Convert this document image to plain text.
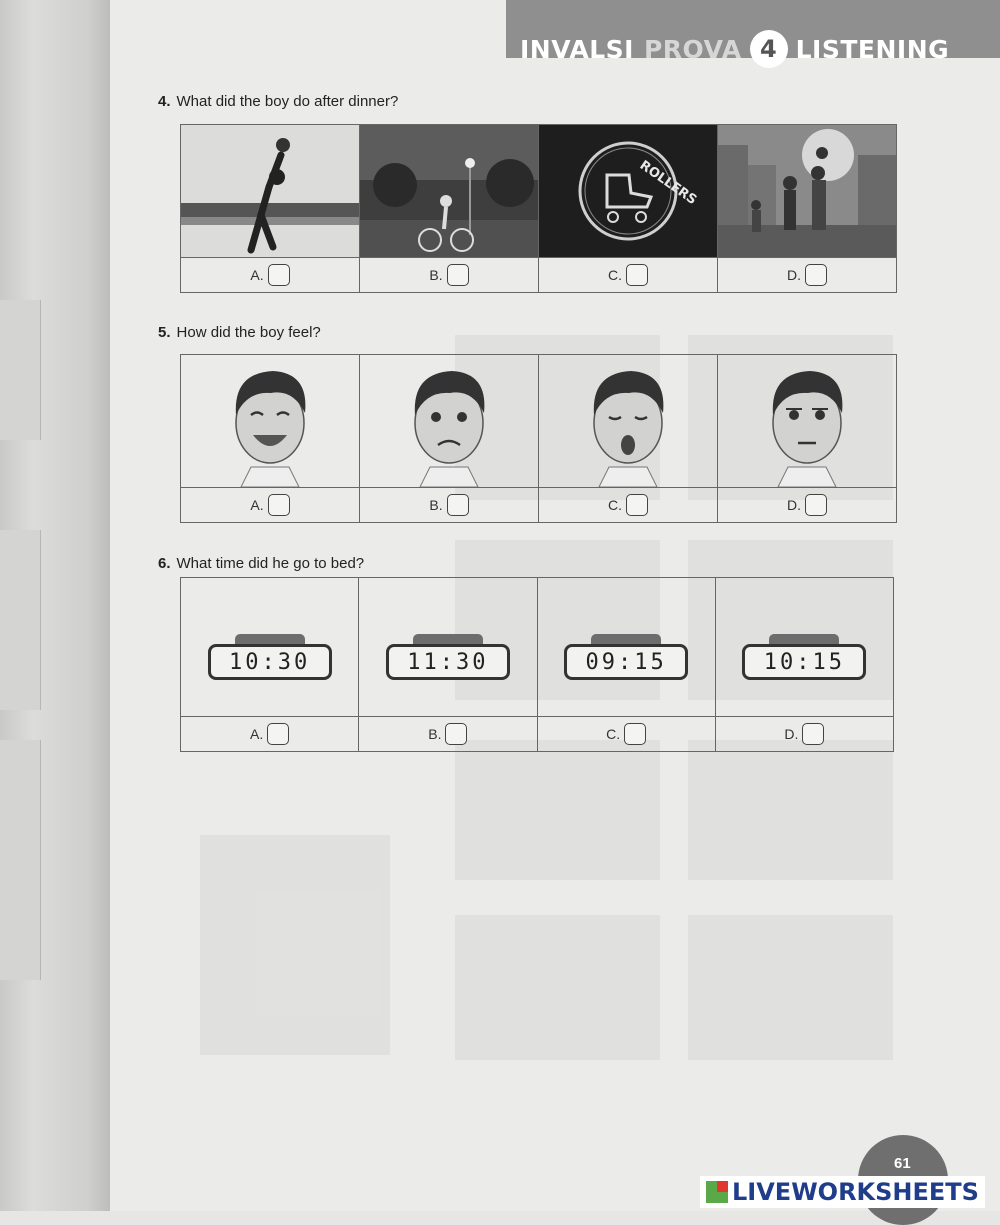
INVALSI PROVA 4 LISTENING
4. What did the boy do after dinner?

ROLLERS

A.	B.	C.	D.
5. How did the boy feel?

A.	B.	C.	D.
6. What time did he go to bed?
10:30	11:30	09:15	10:15

A.	B.	C.	D.
61
LIVEWORKSHEETS
